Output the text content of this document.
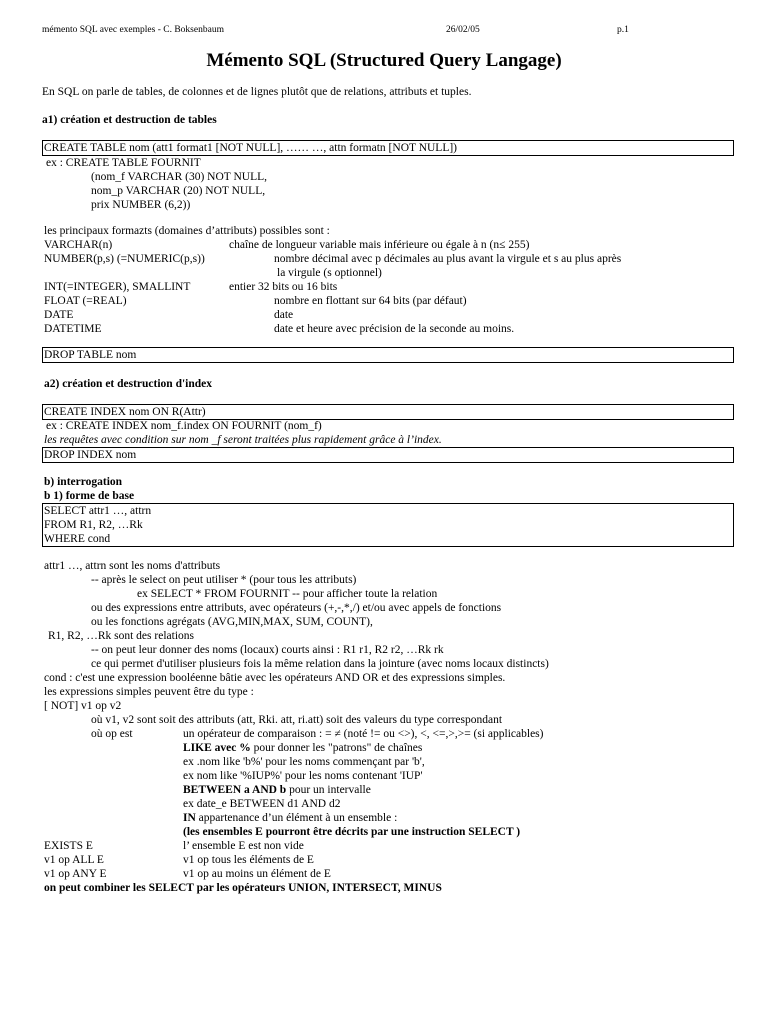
mémento SQL avec exemples - C. Boksenbaum	26/02/05	p.1
Mémento SQL (Structured Query Langage)
En SQL on parle de tables, de colonnes et de lignes plutôt que de relations, attributs et tuples.
a1) création et destruction de tables
CREATE TABLE nom (att1 format1 [NOT NULL], …… …, attn formatn [NOT NULL])
ex : CREATE TABLE FOURNIT
(nom_f VARCHAR (30) NOT NULL,
nom_p VARCHAR (20) NOT NULL,
prix NUMBER (6,2))
les principaux formazts (domaines d’attributs) possibles sont :
VARCHAR(n)	chaîne de longueur variable mais inférieure ou égale à n (n≤ 255)
NUMBER(p,s) (=NUMERIC(p,s))	nombre décimal avec p décimales au plus avant la virgule et s au plus après
la virgule (s optionnel)
INT(=INTEGER), SMALLINT	entier 32 bits ou 16 bits
FLOAT (=REAL)	nombre en flottant sur 64 bits (par défaut)
DATE	date
DATETIME	date et heure avec précision de la seconde au moins.
DROP TABLE nom
a2) création et destruction d'index
CREATE INDEX nom ON R(Attr)
ex : CREATE INDEX nom_f.index ON FOURNIT (nom_f)
les requêtes avec condition sur nom _f seront traitées plus rapidement grâce à l’index.
DROP INDEX nom
b) interrogation
b 1) forme de base
SELECT attr1 …, attrn
FROM R1, R2, …Rk
WHERE cond
attr1 …, attrn sont les noms d'attributs
-- après le select on peut utiliser * (pour tous les attributs)
ex SELECT * FROM FOURNIT -- pour afficher toute la relation
ou des expressions entre attributs, avec opérateurs (+,-,*,/) et/ou avec appels de fonctions
ou les fonctions agrégats (AVG,MIN,MAX, SUM, COUNT),
R1, R2, …Rk sont des relations
-- on peut leur donner des noms (locaux) courts ainsi : R1 r1, R2 r2, …Rk rk
ce qui permet d'utiliser plusieurs fois la même relation dans la jointure (avec noms locaux distincts)
cond : c'est une expression booléenne bâtie avec les opérateurs AND OR et des expressions simples.
les expressions simples peuvent être du type :
[ NOT] v1 op v2
où v1, v2 sont soit des attributs (att, Rki. att, ri.att) soit des valeurs du type correspondant
où op est	un opérateur de comparaison : = ≠ (noté != ou <>), <, <=,>,>= (si applicables)
LIKE avec % pour donner les "patrons" de chaînes
ex .nom like 'b%' pour les noms commençant par 'b',
ex nom like '%IUP%' pour les noms contenant 'IUP'
BETWEEN a AND b pour un intervalle
ex date_e BETWEEN d1 AND d2
IN appartenance d’un élément à un ensemble :
(les ensembles E pourront être décrits par une instruction SELECT )
EXISTS E	l’ ensemble E est non vide
v1 op ALL E	v1 op tous les éléments de E
v1 op ANY E	v1 op au moins un élément de E
on peut combiner les SELECT par les opérateurs UNION, INTERSECT, MINUS
